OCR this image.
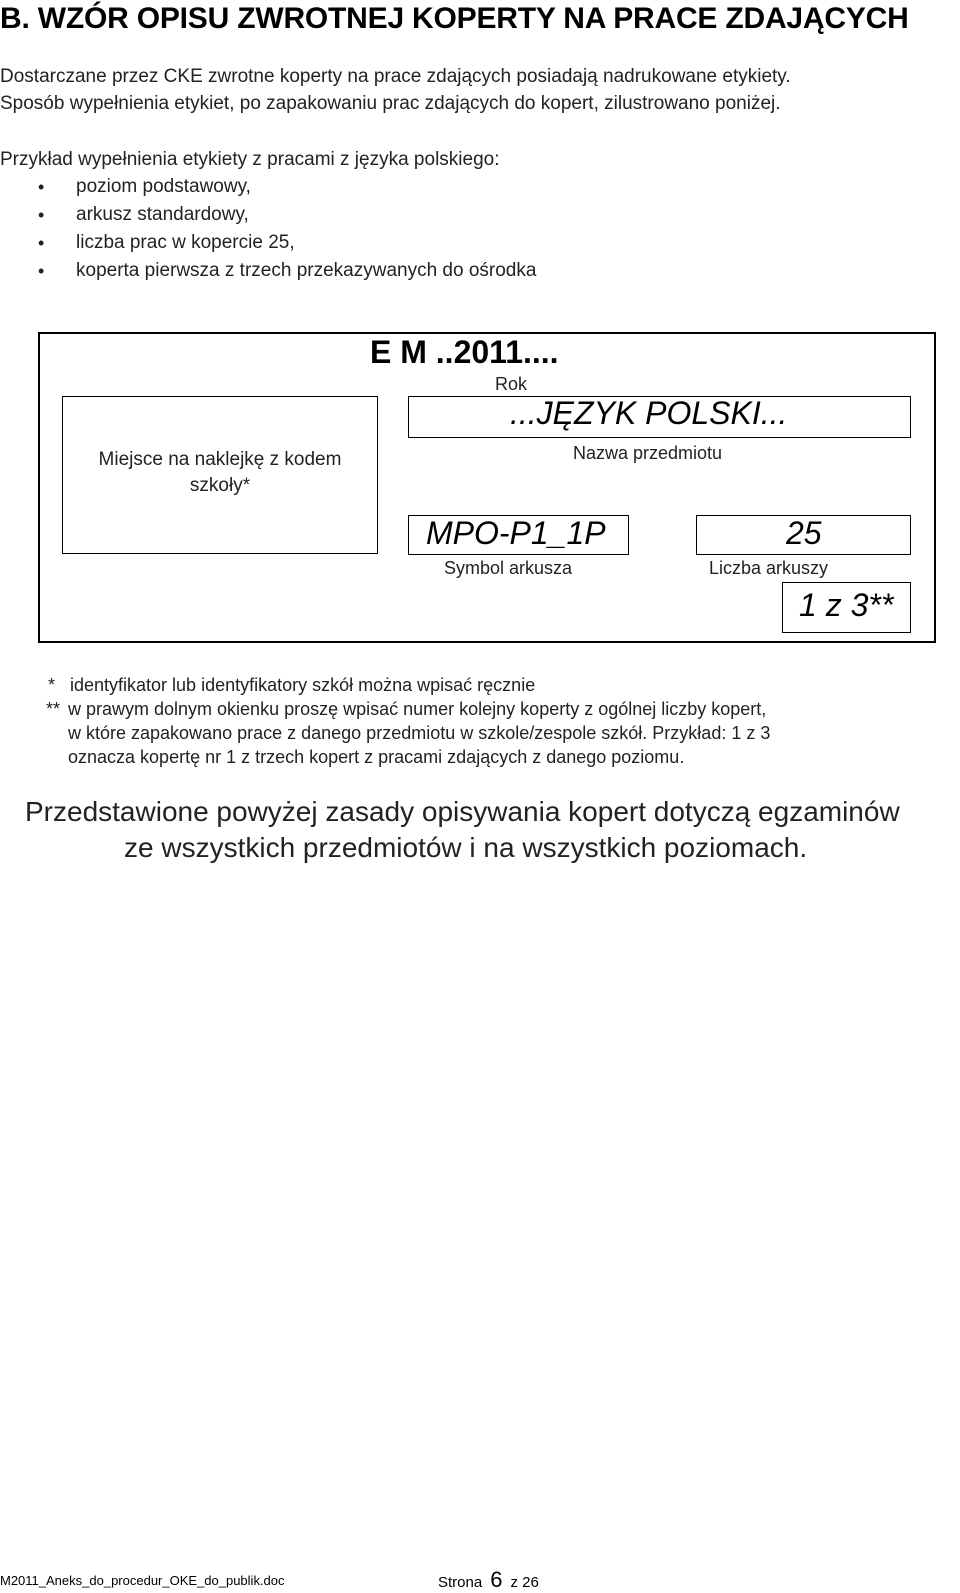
B. WZÓR OPISU ZWROTNEJ KOPERTY NA PRACE ZDAJĄCYCH
Dostarczane przez CKE zwrotne koperty na prace zdających posiadają nadrukowane etykiety.
Sposób wypełnienia etykiet, po zapakowaniu prac zdających do kopert, zilustrowano poniżej.
Przykład wypełnienia etykiety z pracami z języka polskiego:
• poziom podstawowy,
• arkusz standardowy,
• liczba prac w kopercie 25,
• koperta pierwsza z trzech przekazywanych do ośrodka
Miejsce na naklejkę z kodem szkoły*
E M ..2011....
Rok
...JĘZYK POLSKI...
Nazwa przedmiotu
MPO-P1_1P
Symbol arkusza
25
Liczba arkuszy
1 z 3**
* identyfikator lub identyfikatory szkół można wpisać ręcznie
** w prawym dolnym okienku proszę wpisać numer kolejny koperty z ogólnej liczby kopert,
w które zapakowano prace z danego przedmiotu w szkole/zespole szkół. Przykład: 1 z 3
oznacza kopertę nr 1 z trzech kopert z pracami zdających z danego poziomu.
Przedstawione powyżej zasady opisywania kopert dotyczą egzaminów
ze wszystkich przedmiotów i na wszystkich poziomach.
M2011_Aneks_do_procedur_OKE_do_publik.doc	Strona 6 z 26
